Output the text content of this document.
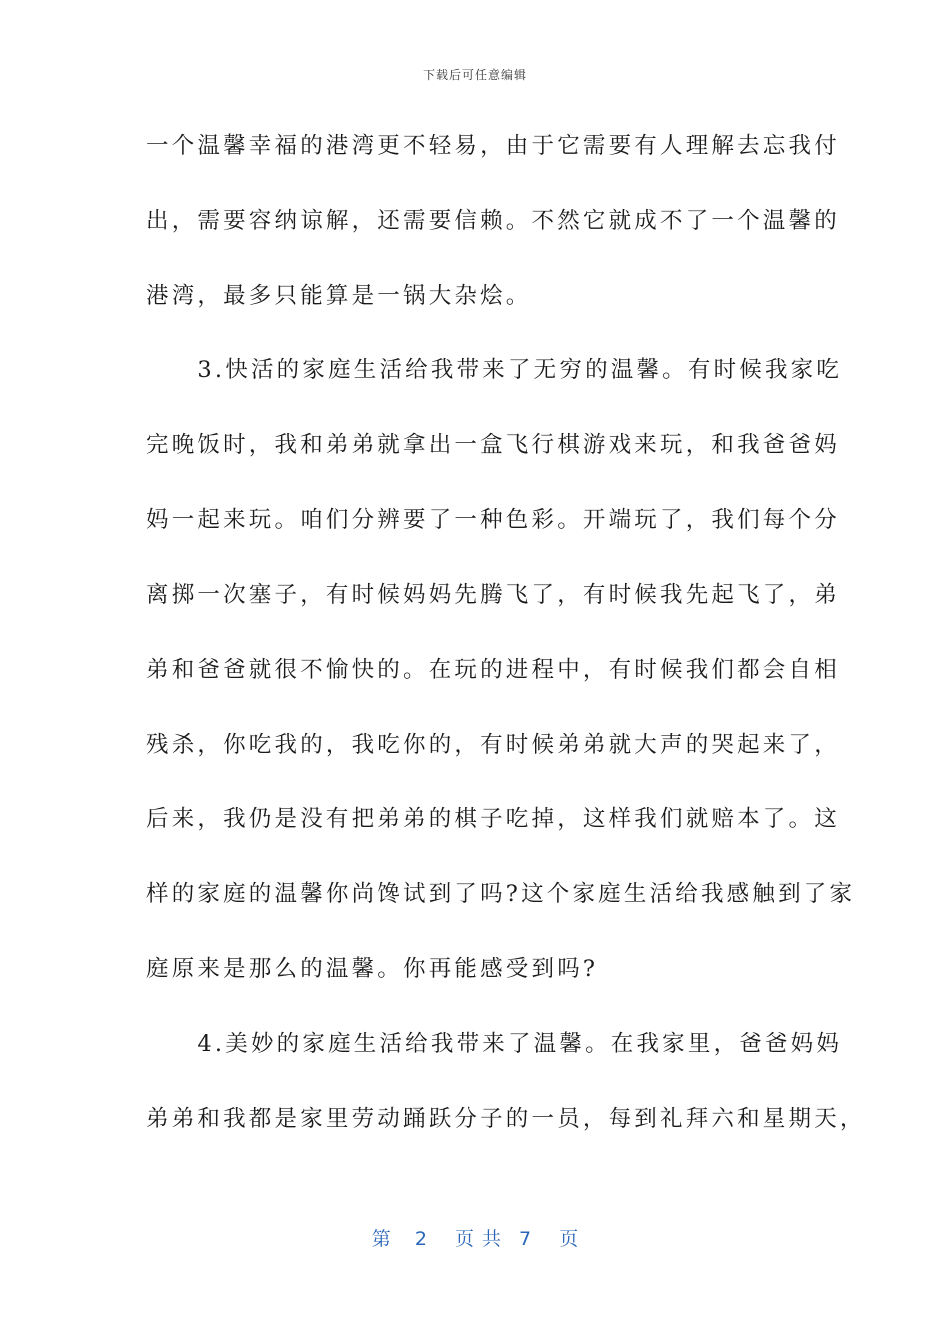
下载后可任意编辑
一个温馨幸福的港湾更不轻易，由于它需要有人理解去忘我付
出，需要容纳谅解，还需要信赖。不然它就成不了一个温馨的
港湾，最多只能算是一锅大杂烩。
　　3.快活的家庭生活给我带来了无穷的温馨。有时候我家吃
完晚饭时，我和弟弟就拿出一盒飞行棋游戏来玩，和我爸爸妈
妈一起来玩。咱们分辨要了一种色彩。开端玩了，我们每个分
离掷一次塞子，有时候妈妈先腾飞了，有时候我先起飞了，弟
弟和爸爸就很不愉快的。在玩的进程中，有时候我们都会自相
残杀，你吃我的，我吃你的，有时候弟弟就大声的哭起来了，
后来，我仍是没有把弟弟的棋子吃掉，这样我们就赔本了。这
样的家庭的温馨你尚馋试到了吗?这个家庭生活给我感触到了家
庭原来是那么的温馨。你再能感受到吗?
　　4.美妙的家庭生活给我带来了温馨。在我家里，爸爸妈妈
弟弟和我都是家里劳动踊跃分子的一员，每到礼拜六和星期天，
第 2 页共 7 页
